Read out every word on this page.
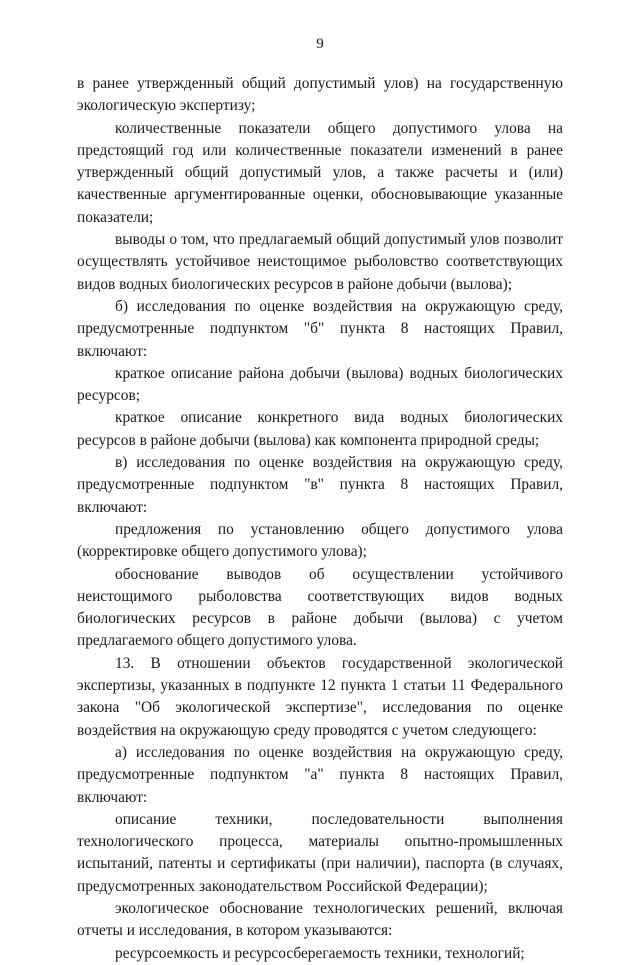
9

в ранее утвержденный общий допустимый улов) на государственную экологическую экспертизу;

количественные показатели общего допустимого улова на предстоящий год или количественные показатели изменений в ранее утвержденный общий допустимый улов, а также расчеты и (или) качественные аргументированные оценки, обосновывающие указанные показатели;

выводы о том, что предлагаемый общий допустимый улов позволит осуществлять устойчивое неистощимое рыболовство соответствующих видов водных биологических ресурсов в районе добычи (вылова);

б) исследования по оценке воздействия на окружающую среду, предусмотренные подпунктом "б" пункта 8 настоящих Правил, включают:

краткое описание района добычи (вылова) водных биологических ресурсов;

краткое описание конкретного вида водных биологических ресурсов в районе добычи (вылова) как компонента природной среды;

в) исследования по оценке воздействия на окружающую среду, предусмотренные подпунктом "в" пункта 8 настоящих Правил, включают:

предложения по установлению общего допустимого улова (корректировке общего допустимого улова);

обоснование выводов об осуществлении устойчивого неистощимого рыболовства соответствующих видов водных биологических ресурсов в районе добычи (вылова) с учетом предлагаемого общего допустимого улова.

13. В отношении объектов государственной экологической экспертизы, указанных в подпункте 12 пункта 1 статьи 11 Федерального закона "Об экологической экспертизе", исследования по оценке воздействия на окружающую среду проводятся с учетом следующего:

а) исследования по оценке воздействия на окружающую среду, предусмотренные подпунктом "а" пункта 8 настоящих Правил, включают:

описание техники, последовательности выполнения технологического процесса, материалы опытно-промышленных испытаний, патенты и сертификаты (при наличии), паспорта (в случаях, предусмотренных законодательством Российской Федерации);

экологическое обоснование технологических решений, включая отчеты и исследования, в котором указываются:

ресурсоемкость и ресурсосберегаемость техники, технологий;
